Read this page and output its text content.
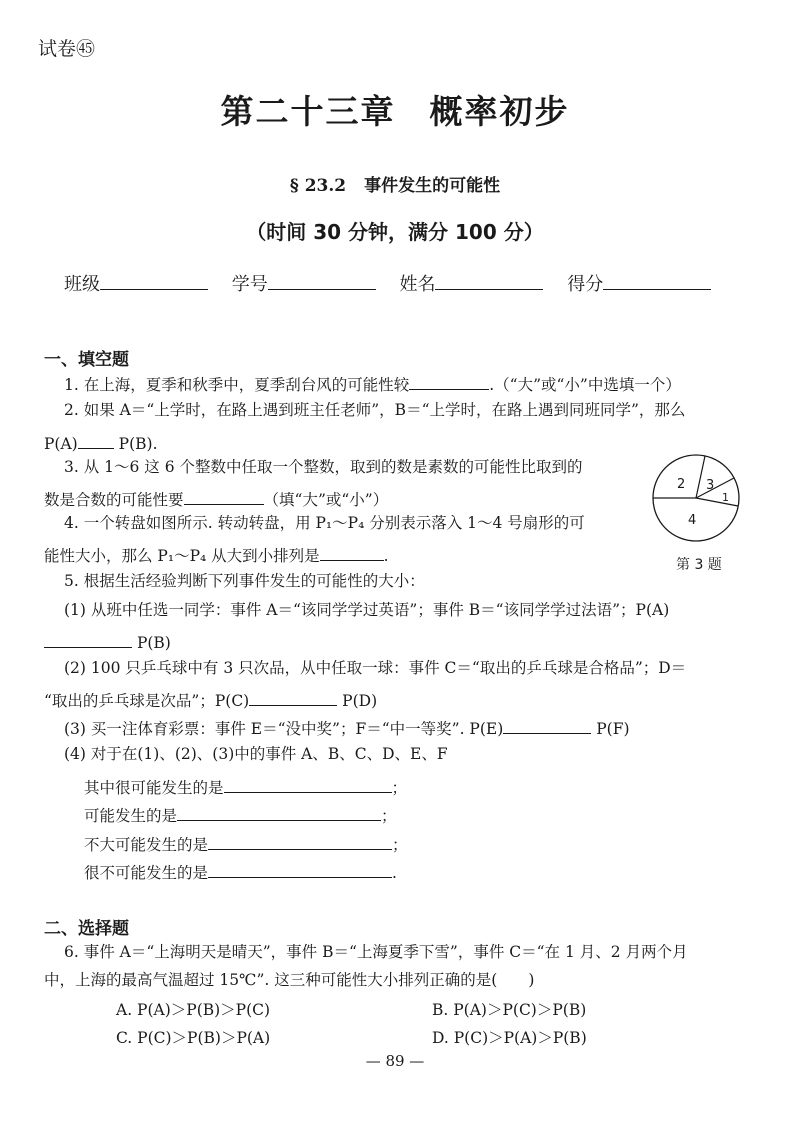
试卷㊺
第二十三章 概率初步
§ 23.2 事件发生的可能性
（时间 30 分钟，满分 100 分）
班级	学号	姓名	得分
一、填空题
1. 在上海，夏季和秋季中，夏季刮台风的可能性较	.（“大”或“小”中选填一个）
2. 如果 A＝“上学时，在路上遇到班主任老师”，B＝“上学时，在路上遇到同班同学”，那么
P(A)	P(B).
3. 从 1～6 这 6 个整数中任取一个整数，取到的数是素数的可能性比取到的
数是合数的可能性要	（填“大”或“小”）
4. 一个转盘如图所示. 转动转盘，用 P₁～P₄ 分别表示落入 1～4 号扇形的可
能性大小，那么 P₁～P₄ 从大到小排列是	.
2 3
1
4
第 3 题
5. 根据生活经验判断下列事件发生的可能性的大小：
(1) 从班中任选一同学：事件 A＝“该同学学过英语”；事件 B＝“该同学学过法语”；P(A)
P(B)
(2) 100 只乒乓球中有 3 只次品，从中任取一球：事件 C＝“取出的乒乓球是合格品”；D＝
“取出的乒乓球是次品”；P(C)	P(D)
(3) 买一注体育彩票：事件 E＝“没中奖”；F＝“中一等奖”. P(E)	P(F)
(4) 对于在(1)、(2)、(3)中的事件 A、B、C、D、E、F
其中很可能发生的是	；
可能发生的是	；
不大可能发生的是	；
很不可能发生的是	.
二、选择题
6. 事件 A＝“上海明天是晴天”，事件 B＝“上海夏季下雪”，事件 C＝“在 1 月、2 月两个月
中，上海的最高气温超过 15℃”. 这三种可能性大小排列正确的是(　　)
A. P(A)＞P(B)＞P(C)	B. P(A)＞P(C)＞P(B)
C. P(C)＞P(B)＞P(A)	D. P(C)＞P(A)＞P(B)
— 89 —
